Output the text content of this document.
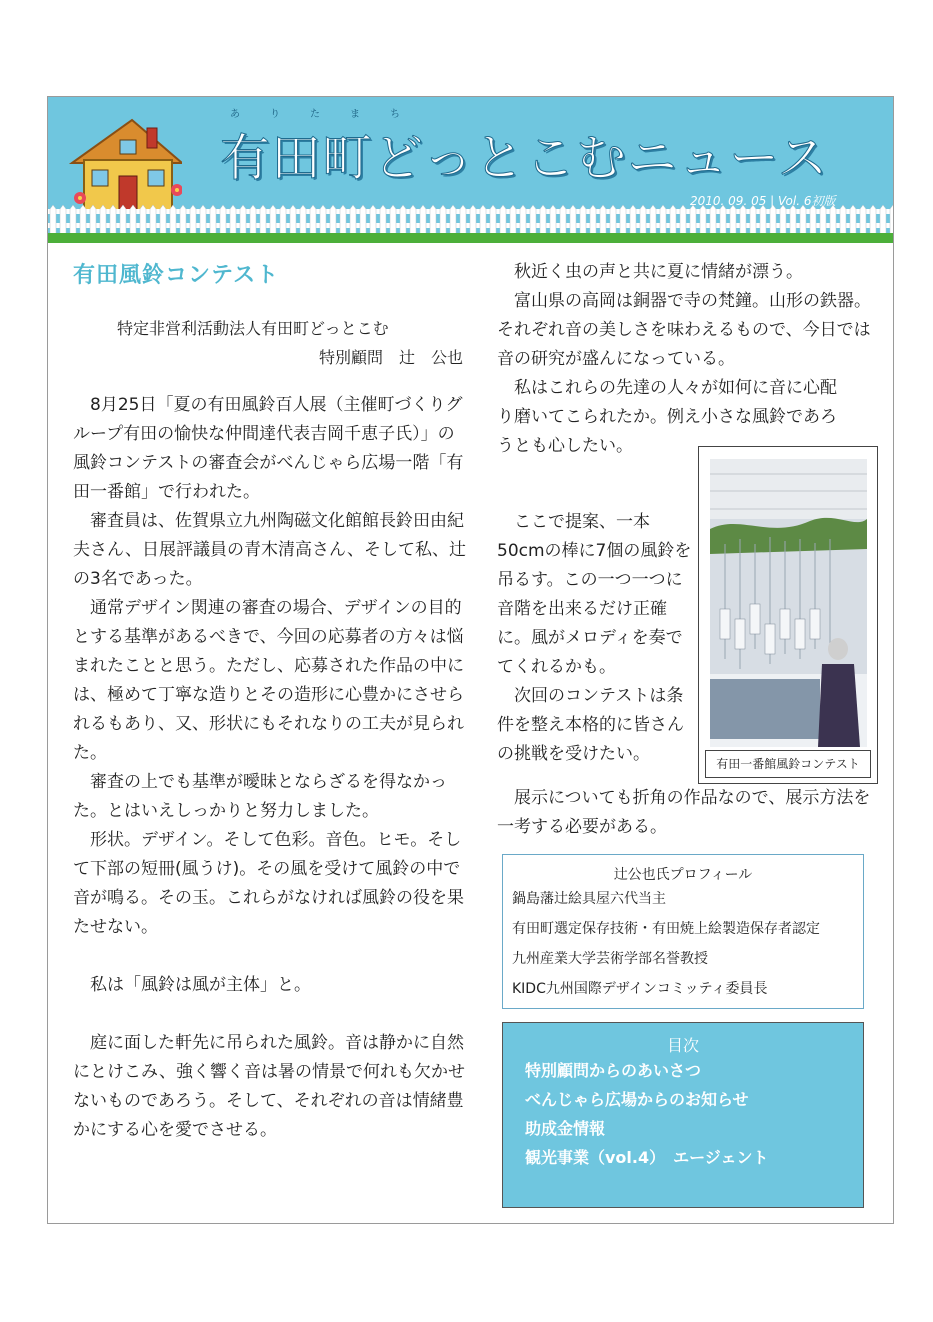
ありたまち
有田町どっとこむニュース
2010. 09. 05 | Vol. 6初版
有田風鈴コンテスト
特定非営利活動法人有田町どっとこむ
特別顧問　辻　公也

8月25日「夏の有田風鈴百人展（主催町づくりグループ有田の愉快な仲間達代表吉岡千恵子氏）」の風鈴コンテストの審査会がべんじゃら広場一階「有田一番館」で行われた。

審査員は、佐賀県立九州陶磁文化館館長鈴田由紀夫さん、日展評議員の青木清高さん、そして私、辻の3名であった。

通常デザイン関連の審査の場合、デザインの目的とする基準があるべきで、今回の応募者の方々は悩まれたことと思う。ただし、応募された作品の中には、極めて丁寧な造りとその造形に心豊かにさせられるもあり、又、形状にもそれなりの工夫が見られた。

審査の上でも基準が曖昧とならざるを得なかった。とはいえしっかりと努力しました。

形状。デザイン。そして色彩。音色。ヒモ。そして下部の短冊(風うけ)。その風を受けて風鈴の中で音が鳴る。その玉。これらがなければ風鈴の役を果たせない。

私は「風鈴は風が主体」と。

庭に面した軒先に吊られた風鈴。音は静かに自然にとけこみ、強く響く音は暑の情景で何れも欠かせないものであろう。そして、それぞれの音は情緒豊かにする心を愛でさせる。

秋近く虫の声と共に夏に情緒が漂う。

富山県の高岡は銅器で寺の梵鐘。山形の鉄器。それぞれ音の美しさを味わえるもので、今日では音の研究が盛んになっている。

私はこれらの先達の人々が如何に音に心配り磨いてこられたか。例え小さな風鈴であろうとも心したい。

ここで提案、一本50cmの棒に7個の風鈴を吊るす。この一つ一つに音階を出来るだけ正確に。風がメロディを奏でてくれるかも。

次回のコンテストは条件を整え本格的に皆さんの挑戦を受けたい。

展示についても折角の作品なので、展示方法を一考する必要がある。

有田一番館風鈴コンテスト
辻公也氏プロフィール
鍋島藩辻絵具屋六代当主
有田町選定保存技術・有田焼上絵製造保存者認定
九州産業大学芸術学部名誉教授
KIDC九州国際デザインコミッティ委員長
目次
特別顧問からのあいさつ
べんじゃら広場からのお知らせ
助成金情報
観光事業（vol.4）　エージェント
